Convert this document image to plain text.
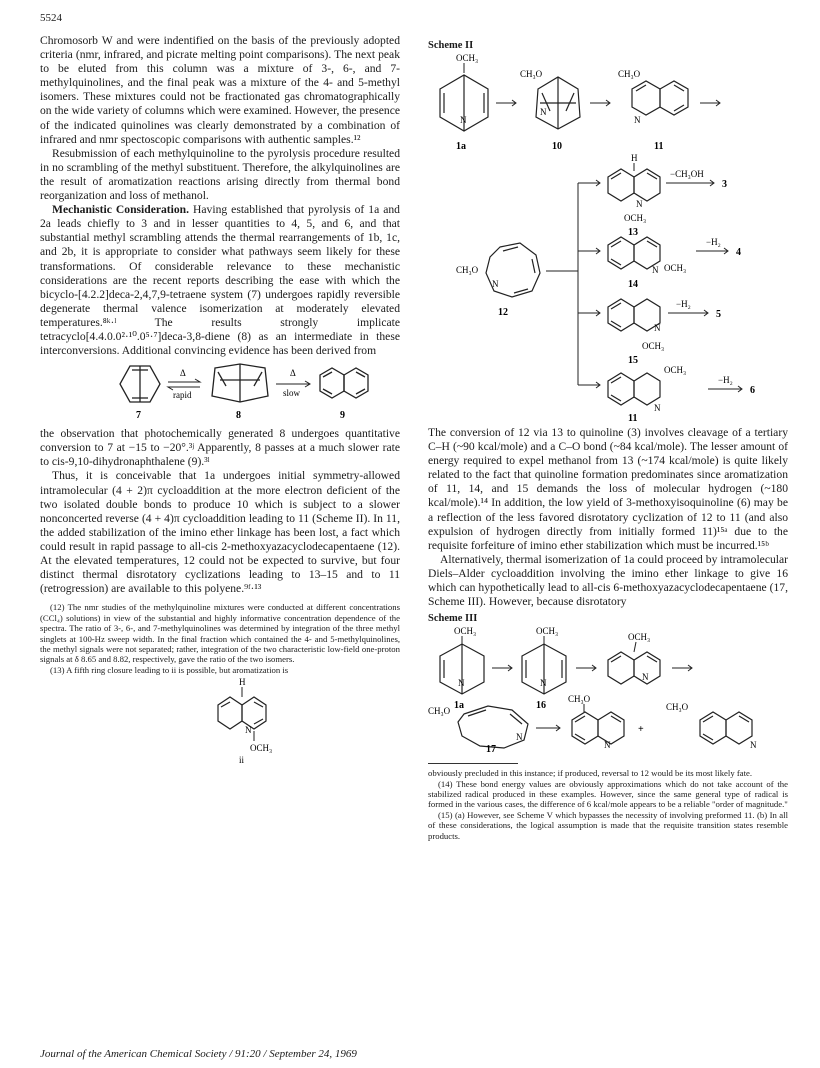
5524

Chromosorb W and were indentified on the basis of the previously adopted criteria (nmr, infrared, and picrate melting point comparisons). The next peak to be eluted from this column was a mixture of 3-, 6-, and 7-methylquinolines, and the final peak was a mixture of the 4- and 5-methyl isomers. These mixtures could not be fractionated gas chromatographically on the wide variety of columns which were examined. However, the presence of the indicated quinolines was clearly demonstrated by a combination of infrared and nmr spectoscopic comparisons with authentic samples.¹²

Resubmission of each methylquinoline to the pyrolysis procedure resulted in no scrambling of the methyl substituent. Therefore, the alkylquinolines are the result of aromatization reactions arising directly from thermal bond reorganization and loss of methanol.

Mechanistic Consideration. Having established that pyrolysis of 1a and 2a leads chiefly to 3 and in lesser quantities to 4, 5, and 6, and that substantial methyl scrambling attends the thermal rearrangements of 1b, 1c, and 2b, it is appropriate to consider what pathways seem likely for these transformations. Of considerable relevance to these mechanistic considerations are the recent reports describing the ease with which the bicyclo-[4.2.2]deca-2,4,7,9-tetraene system (7) undergoes rapidly reversible degenerate thermal valence isomerization at moderately elevated temperatures.⁸ᵏ·ˡ The results strongly implicate tetracyclo[4.4.0.0²·¹⁰.0⁵·⁷]deca-3,8-diene (8) as an intermediate in these interconversions. Additional convincing evidence has been derived from

7
Δ
rapid
8
Δ
slow
9

the observation that photochemically generated 8 undergoes quantitative conversion to 7 at −15 to −20°.³ʲ Apparently, 8 passes at a much slower rate to cis-9,10-dihydronaphthalene (9).³ˡ

Thus, it is conceivable that 1a undergoes initial symmetry-allowed intramolecular (4 + 2)π cycloaddition at the more electron deficient of the two isolated double bonds to produce 10 which is subject to a slower nonconcerted reverse (4 + 4)π cycloaddition leading to 11 (Scheme II). In 11, the added stabilization of the imino ether linkage has been lost, a fact which could result in rapid passage to all-cis 2-methoxyazacyclodecapentaene (12). At the elevated temperatures, 12 could not be expected to survive, but four distinct thermal disrotatory cyclizations leading to 13–15 and to 11 (retrogression) are available to this polyene.⁹ᶠ·¹³

(12) The nmr studies of the methylquinoline mixtures were conducted at different concentrations (CCl₄) solutions) in view of the substantial and highly informative concentration dependence of the spectra. The ratio of 3-, 6-, and 7-methylquinolines was determined by integration of the three methyl singlets at 100-Hz sweep width. In the final fraction which contained the 4- and 5-methylquinolines, the methyl signals were not separated; rather, integration of the two characteristic low-field one-proton signals at δ 8.65 and 8.82, respectively, gave the ratio of the two isomers.

(13) A fifth ring closure leading to ii is possible, but aromatization is

H
N
OCH₃
ii

Scheme II

OCH₃
N
1a
CH₃O
N
10
CH₃O
N
11
CH₃O
N
12
H
N
OCH₃
13
−CH₃OH
3
N OCH₃
14
−H₂
4
N
OCH₃
15
−H₂
5
N
OCH₃
11
−H₂
6

The conversion of 12 via 13 to quinoline (3) involves cleavage of a tertiary C–H (~90 kcal/mole) and a C–O bond (~84 kcal/mole). The lesser amount of energy required to expel methanol from 13 (~174 kcal/mole) is quite likely related to the fact that quinoline formation predominates since aromatization of 11, 14, and 15 demands the loss of molecular hydrogen (~180 kcal/mole).¹⁴ In addition, the low yield of 3-methoxyisoquinoline (6) may be a reflection of the less favored disrotatory cyclization of 12 to 11 (and also expulsion of hydrogen directly from initially formed 11)¹⁵ᵃ due to the requisite forfeiture of imino ether stabilization which must be incurred.¹⁵ᵇ

Alternatively, thermal isomerization of 1a could proceed by intramolecular Diels–Alder cycloaddition involving the imino ether linkage to give 16 which can hypothetically lead to all-cis 6-methoxyazacyclodecapentaene (17, Scheme III). However, because disrotatory

Scheme III

OCH₃
N
1a
OCH₃
N
16
OCH₃
N
CH₃O
N
17
CH₃O
N
+
CH₃O
N

obviously precluded in this instance; if produced, reversal to 12 would be its most likely fate.

(14) These bond energy values are obviously approximations which do not take account of the stabilized radical produced in these examples. However, since the same general type of radical is formed in the various cases, the difference of 6 kcal/mole appears to be a reliable "order of magnitude."

(15) (a) However, see Scheme V which bypasses the necessity of involving preformed 11. (b) In all of these considerations, the logical assumption is made that the requisite transition states resemble products.

Journal of the American Chemical Society / 91:20 / September 24, 1969
